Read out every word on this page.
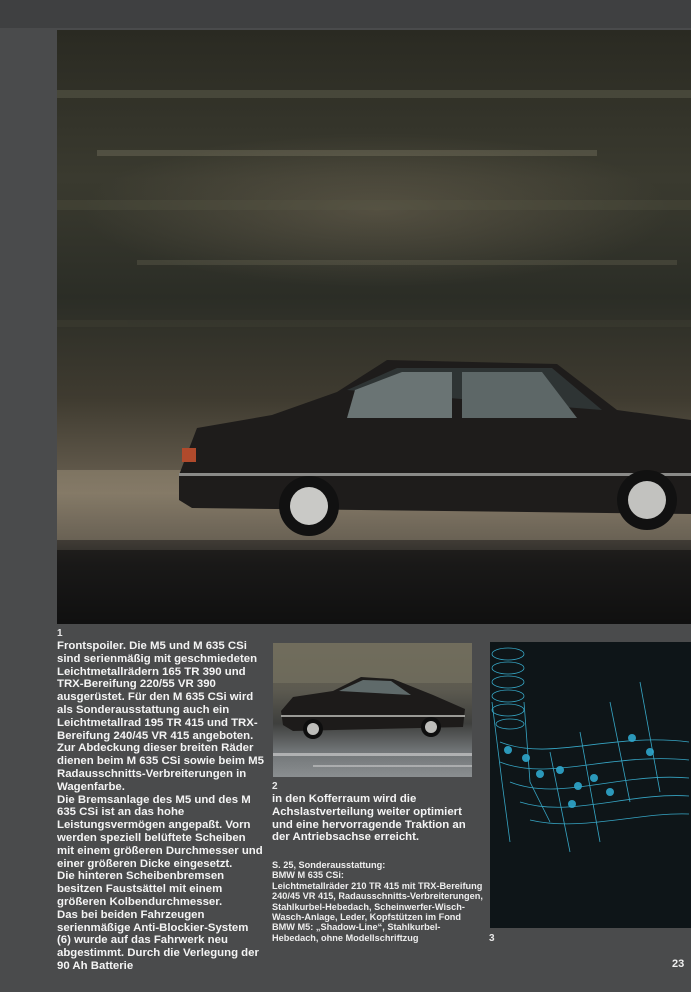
1

Frontspoiler. Die M5 und M 635 CSi sind serienmäßig mit geschmiedeten Leichtmetallrädern 165 TR 390 und TRX-Bereifung 220/55 VR 390 ausgerüstet. Für den M 635 CSi wird als Sonderausstattung auch ein Leichtmetallrad 195 TR 415 und TRX-Bereifung 240/45 VR 415 angeboten. Zur Abdeckung dieser breiten Räder dienen beim M 635 CSi sowie beim M5 Radausschnitts-Verbreiterungen in Wagenfarbe.

Die Bremsanlage des M5 und des M 635 CSi ist an das hohe Leistungsvermögen angepaßt. Vorn werden speziell belüftete Scheiben mit einem größeren Durchmesser und einer größeren Dicke eingesetzt.

Die hinteren Scheibenbremsen besitzen Faustsättel mit einem größeren Kolbendurchmesser.

Das bei beiden Fahrzeugen serienmäßige Anti-Blockier-System (6) wurde auf das Fahrwerk neu abgestimmt. Durch die Verlegung der 90 Ah Batterie

2
in den Kofferraum wird die Achslastverteilung weiter optimiert und eine hervorragende Traktion an der Antriebsachse erreicht.

S. 25, Sonderausstattung:

BMW M 635 CSi:

Leichtmetallräder 210 TR 415 mit TRX-Bereifung 240/45 VR 415, Radausschnitts-Verbreiterungen, Stahlkurbel-Hebedach, Scheinwerfer-Wisch-Wasch-Anlage, Leder, Kopfstützen im Fond

BMW M5: „Shadow-Line“, Stahlkurbel-Hebedach, ohne Modellschriftzug	3
23
